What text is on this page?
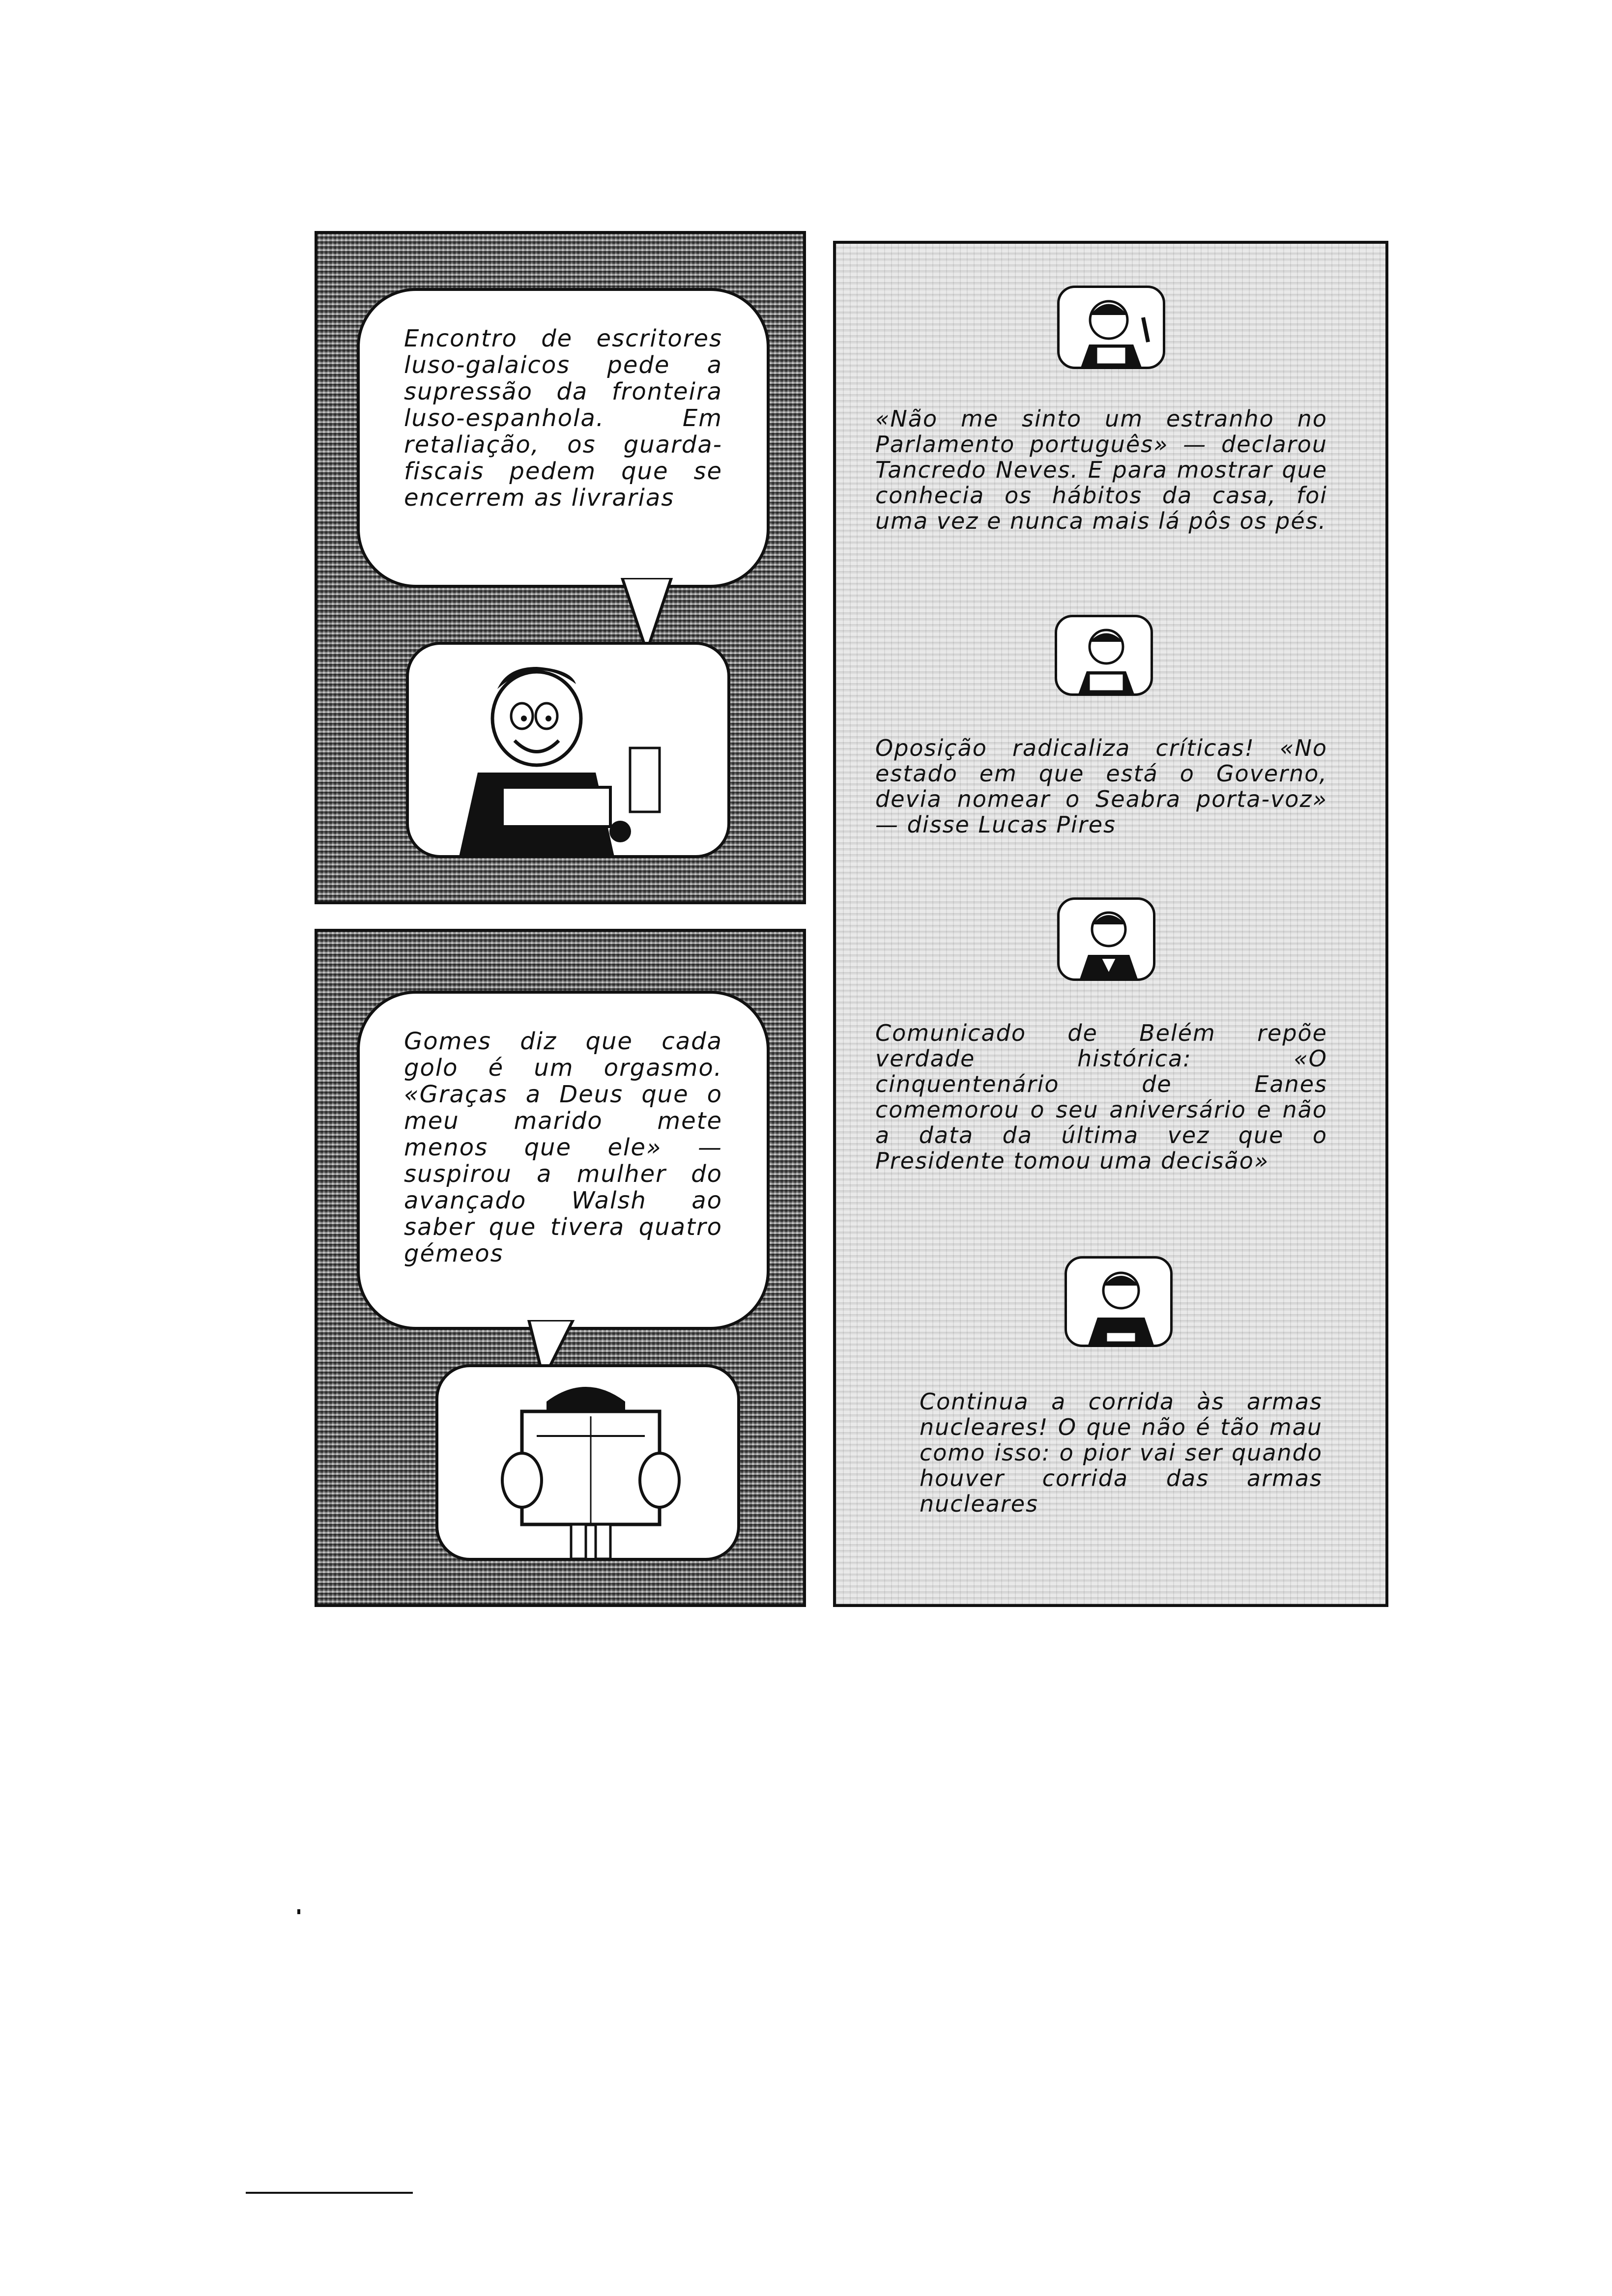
Encontro de escritores luso-galaicos pede a supressão da fronteira luso-espanhola. Em retaliação, os guarda-fiscais pedem que se encerrem as livrarias

Gomes diz que cada golo é um orgasmo. «Graças a Deus que o meu marido mete menos que ele» — suspirou a mulher do avançado Walsh ao saber que tivera quatro gémeos

«Não me sinto um estranho no Parlamento português» — declarou Tancredo Neves. E para mostrar que conhecia os hábitos da casa, foi uma vez e nunca mais lá pôs os pés.

Oposição radicaliza críticas! «No estado em que está o Governo, devia nomear o Seabra porta-voz» — disse Lucas Pires

Comunicado de Belém repõe verdade histórica: «O cinquentenário de Eanes comemorou o seu aniversário e não a data da última vez que o Presidente tomou uma decisão»

Continua a corrida às armas nucleares! O que não é tão mau como isso: o pior vai ser quando houver corrida das armas nucleares
